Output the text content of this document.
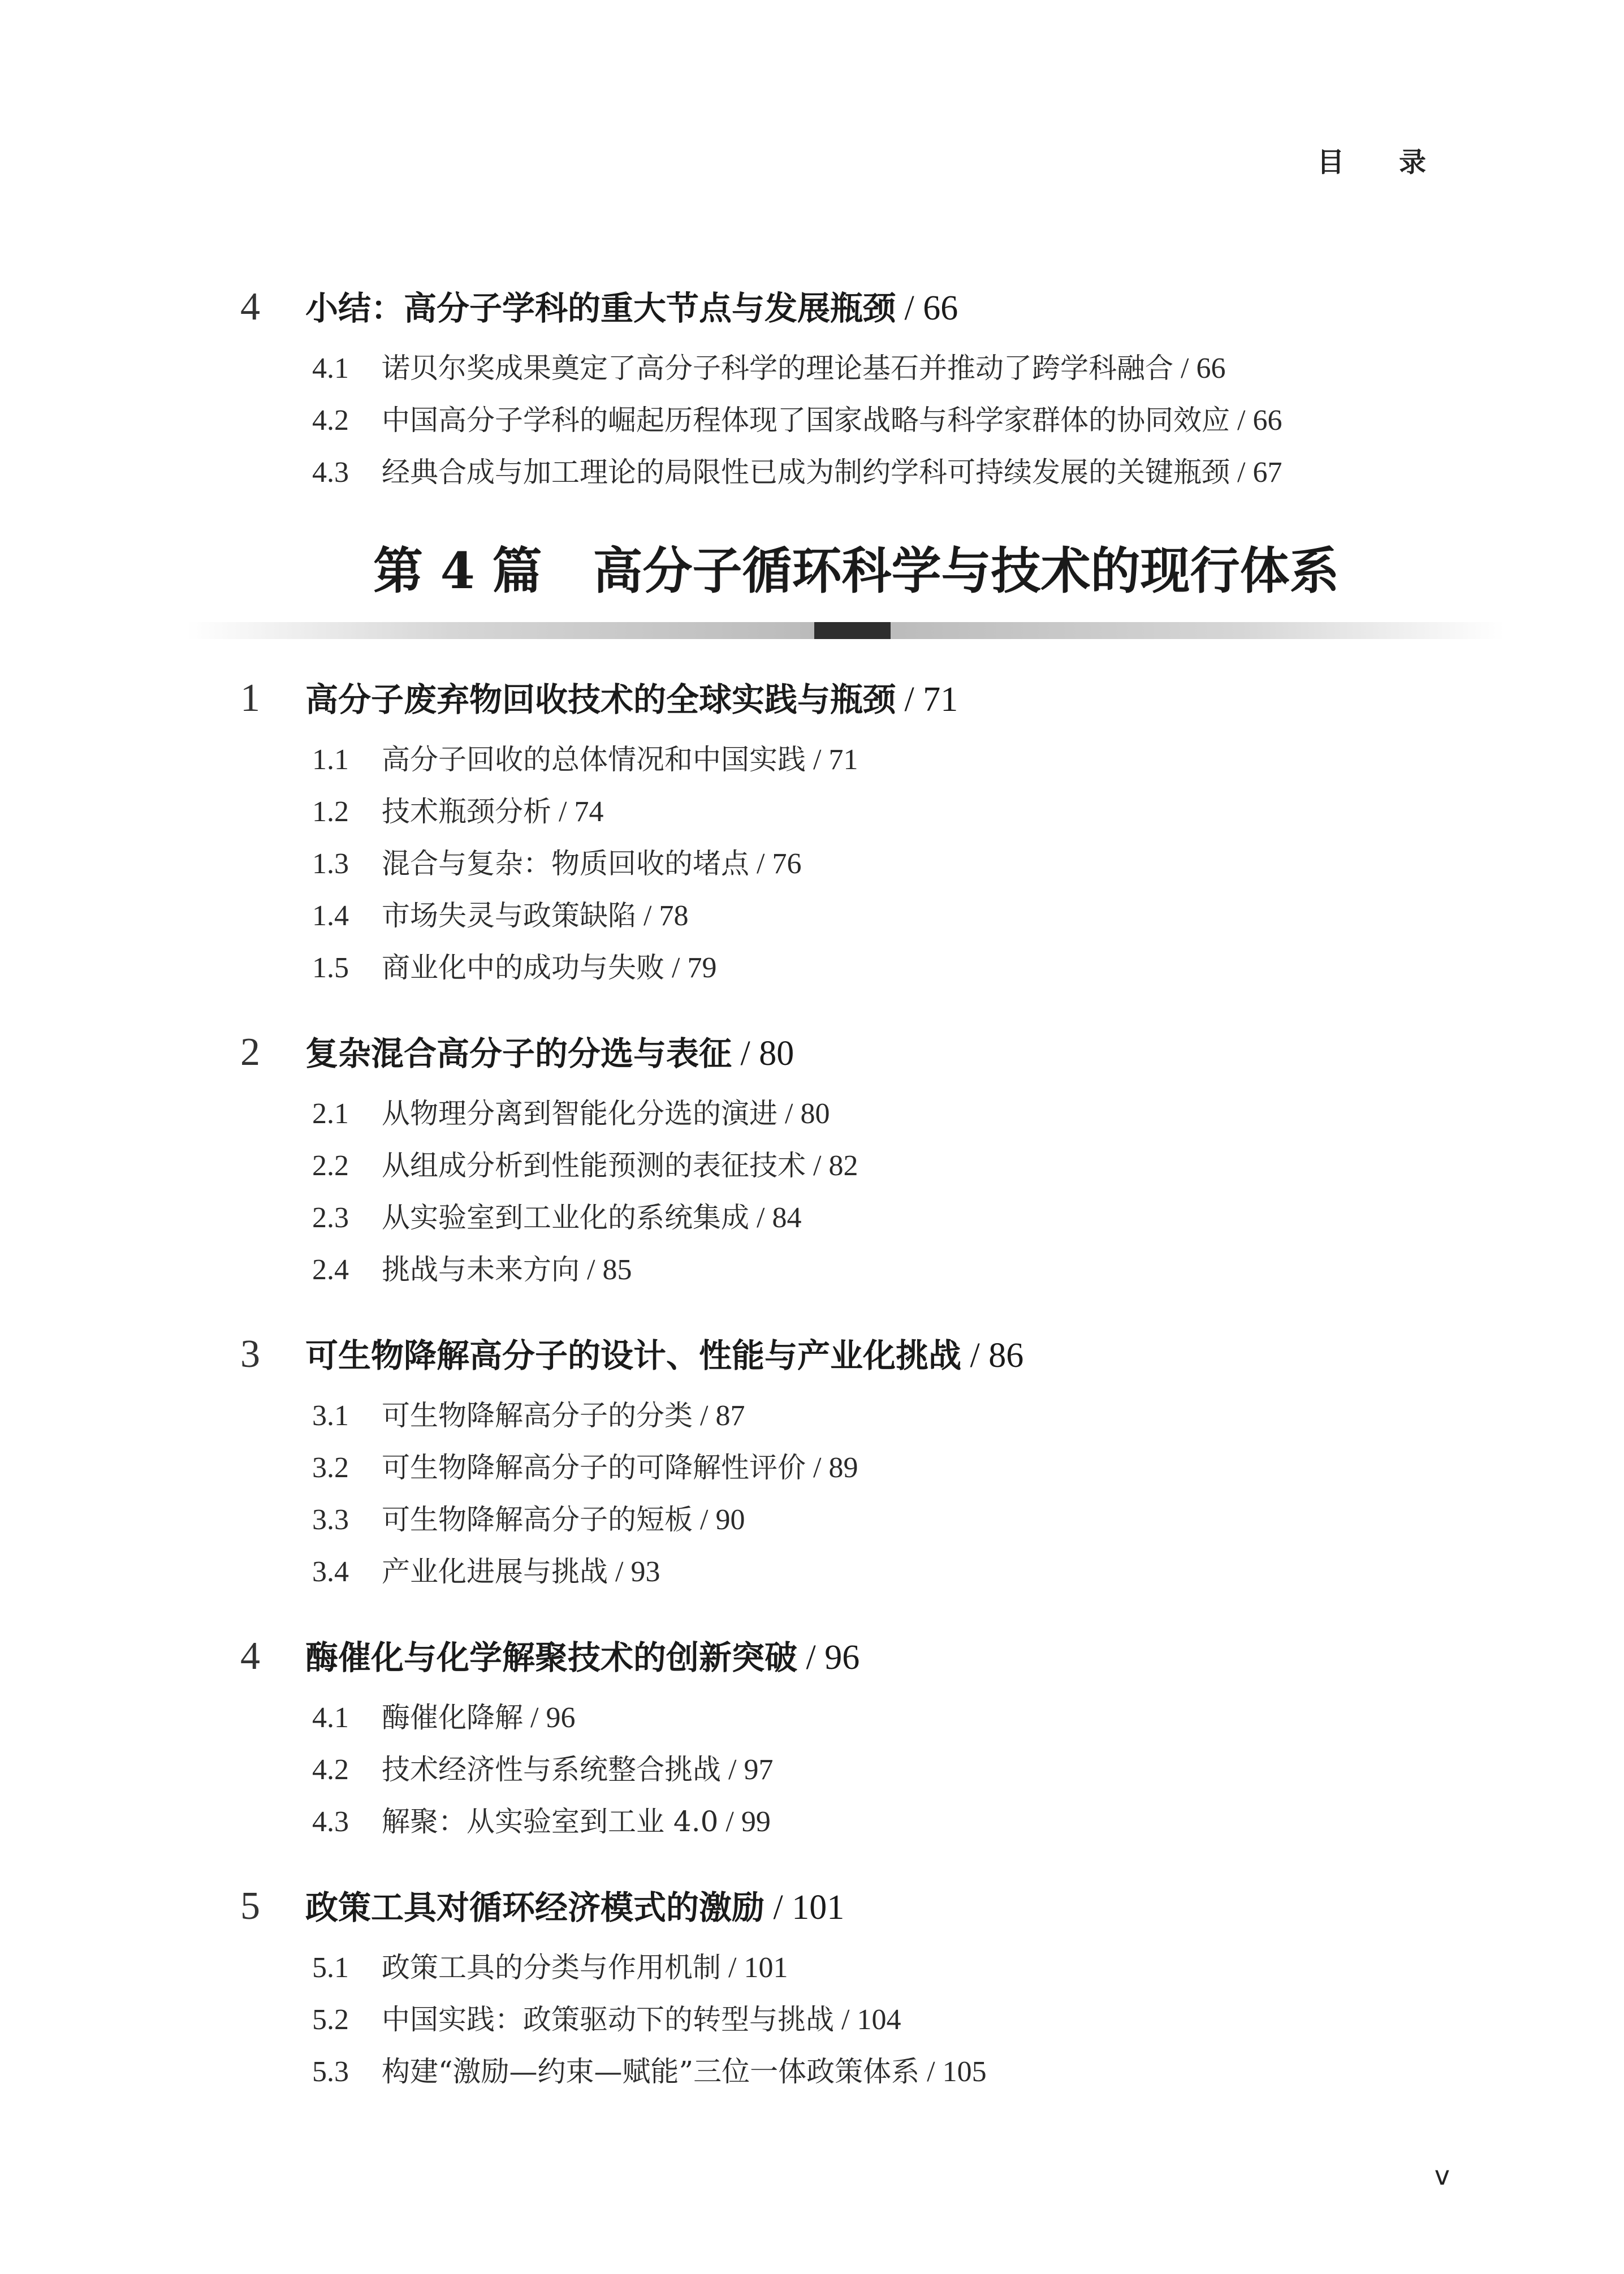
目 录
4 小结：高分子学科的重大节点与发展瓶颈 / 66
4.1 诺贝尔奖成果奠定了高分子科学的理论基石并推动了跨学科融合 / 66
4.2 中国高分子学科的崛起历程体现了国家战略与科学家群体的协同效应 / 66
4.3 经典合成与加工理论的局限性已成为制约学科可持续发展的关键瓶颈 / 67
第 4 篇 高分子循环科学与技术的现行体系
1 高分子废弃物回收技术的全球实践与瓶颈 / 71
1.1 高分子回收的总体情况和中国实践 / 71
1.2 技术瓶颈分析 / 74
1.3 混合与复杂：物质回收的堵点 / 76
1.4 市场失灵与政策缺陷 / 78
1.5 商业化中的成功与失败 / 79
2 复杂混合高分子的分选与表征 / 80
2.1 从物理分离到智能化分选的演进 / 80
2.2 从组成分析到性能预测的表征技术 / 82
2.3 从实验室到工业化的系统集成 / 84
2.4 挑战与未来方向 / 85
3 可生物降解高分子的设计、性能与产业化挑战 / 86
3.1 可生物降解高分子的分类 / 87
3.2 可生物降解高分子的可降解性评价 / 89
3.3 可生物降解高分子的短板 / 90
3.4 产业化进展与挑战 / 93
4 酶催化与化学解聚技术的创新突破 / 96
4.1 酶催化降解 / 96
4.2 技术经济性与系统整合挑战 / 97
4.3 解聚：从实验室到工业 4.0 / 99
5 政策工具对循环经济模式的激励 / 101
5.1 政策工具的分类与作用机制 / 101
5.2 中国实践：政策驱动下的转型与挑战 / 104
5.3 构建“激励—约束—赋能”三位一体政策体系 / 105
v
